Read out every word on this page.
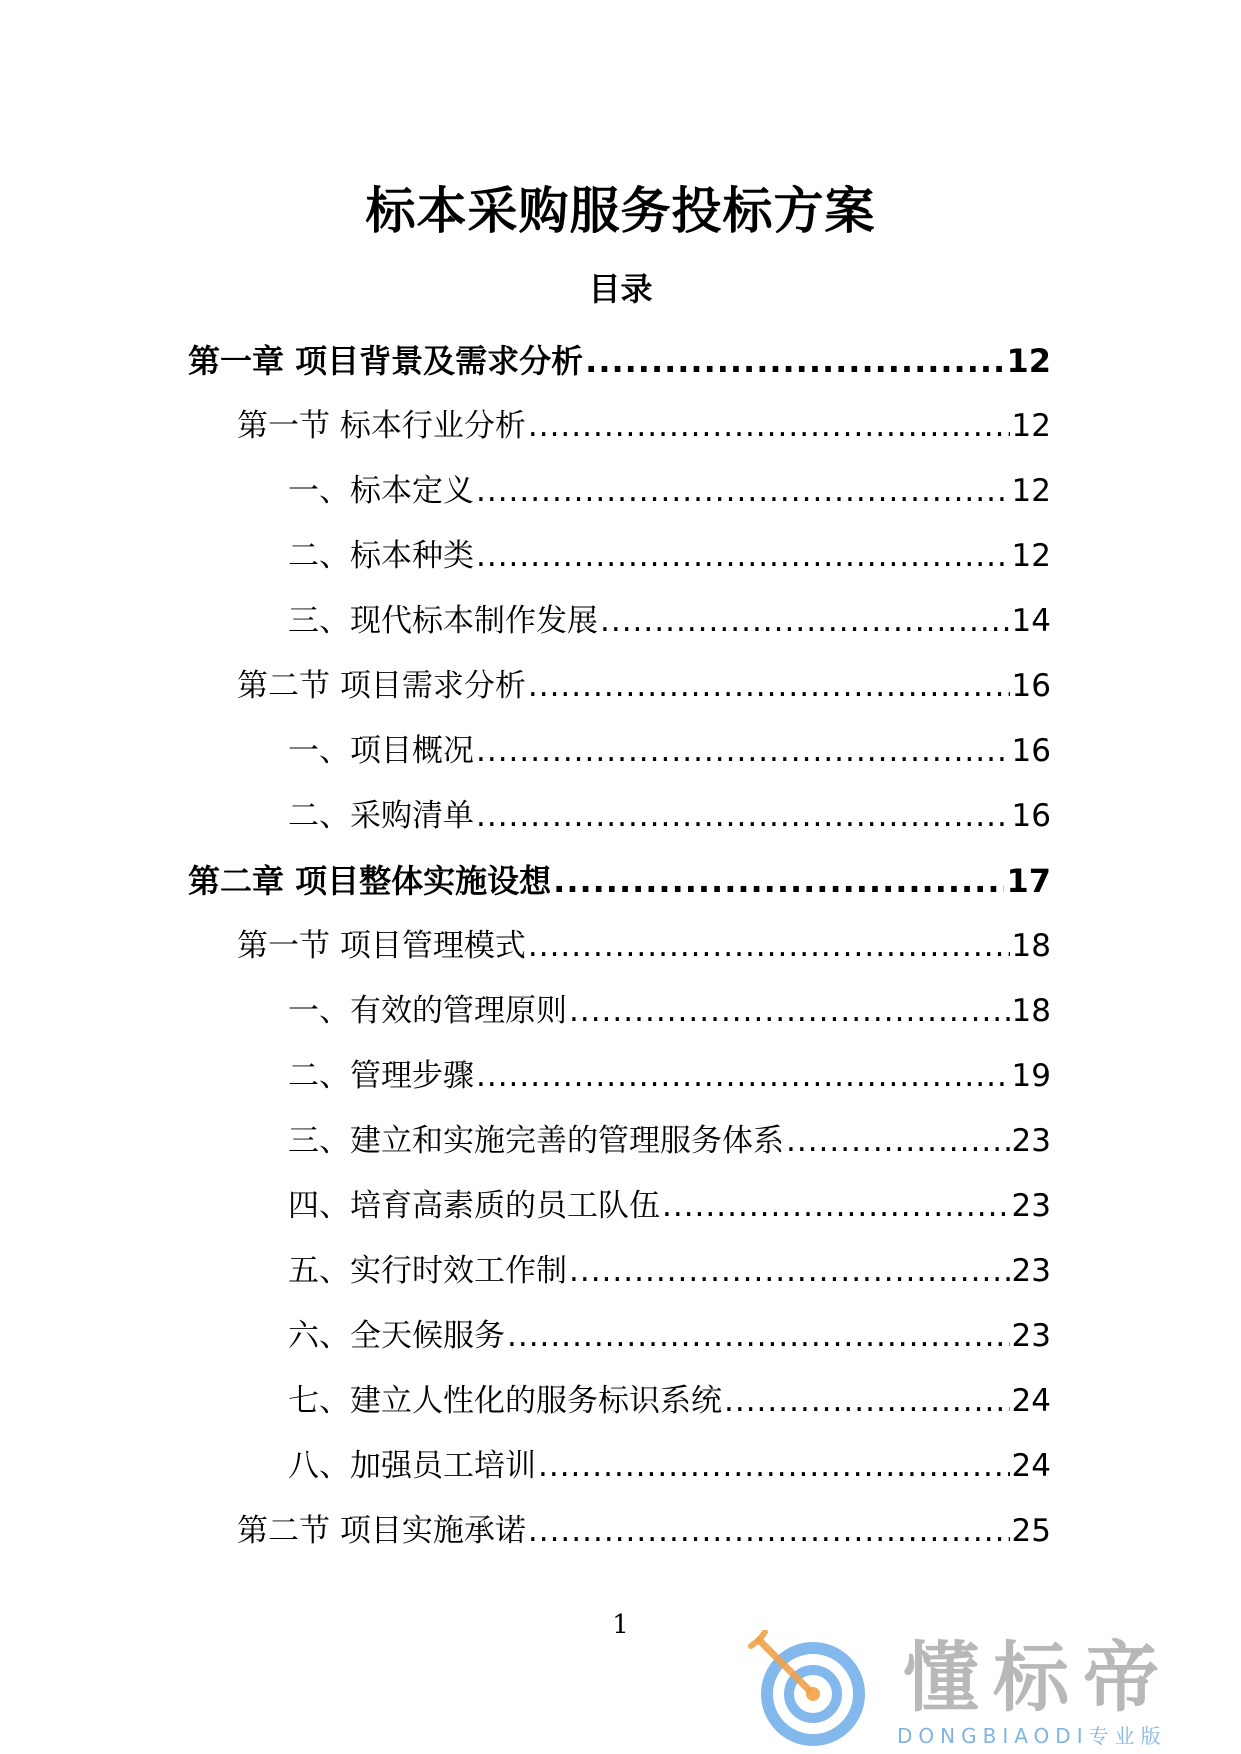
标本采购服务投标方案
目录
第一章 项目背景及需求分析 .....	12
第一节 标本行业分析 .....	12
一、标本定义 .....	12
二、标本种类 .....	12
三、现代标本制作发展 .....	14
第二节 项目需求分析 .....	16
一、项目概况 .....	16
二、采购清单 .....	16
第二章 项目整体实施设想 .....	17
第一节 项目管理模式 .....	18
一、有效的管理原则 .....	18
二、管理步骤 .....	19
三、建立和实施完善的管理服务体系 .....	23
四、培育高素质的员工队伍 .....	23
五、实行时效工作制 .....	23
六、全天候服务 .....	23
七、建立人性化的服务标识系统 .....	24
八、加强员工培训 .....	24
第二节 项目实施承诺 .....	25
1
懂标帝
DONGBIAODI专业版
